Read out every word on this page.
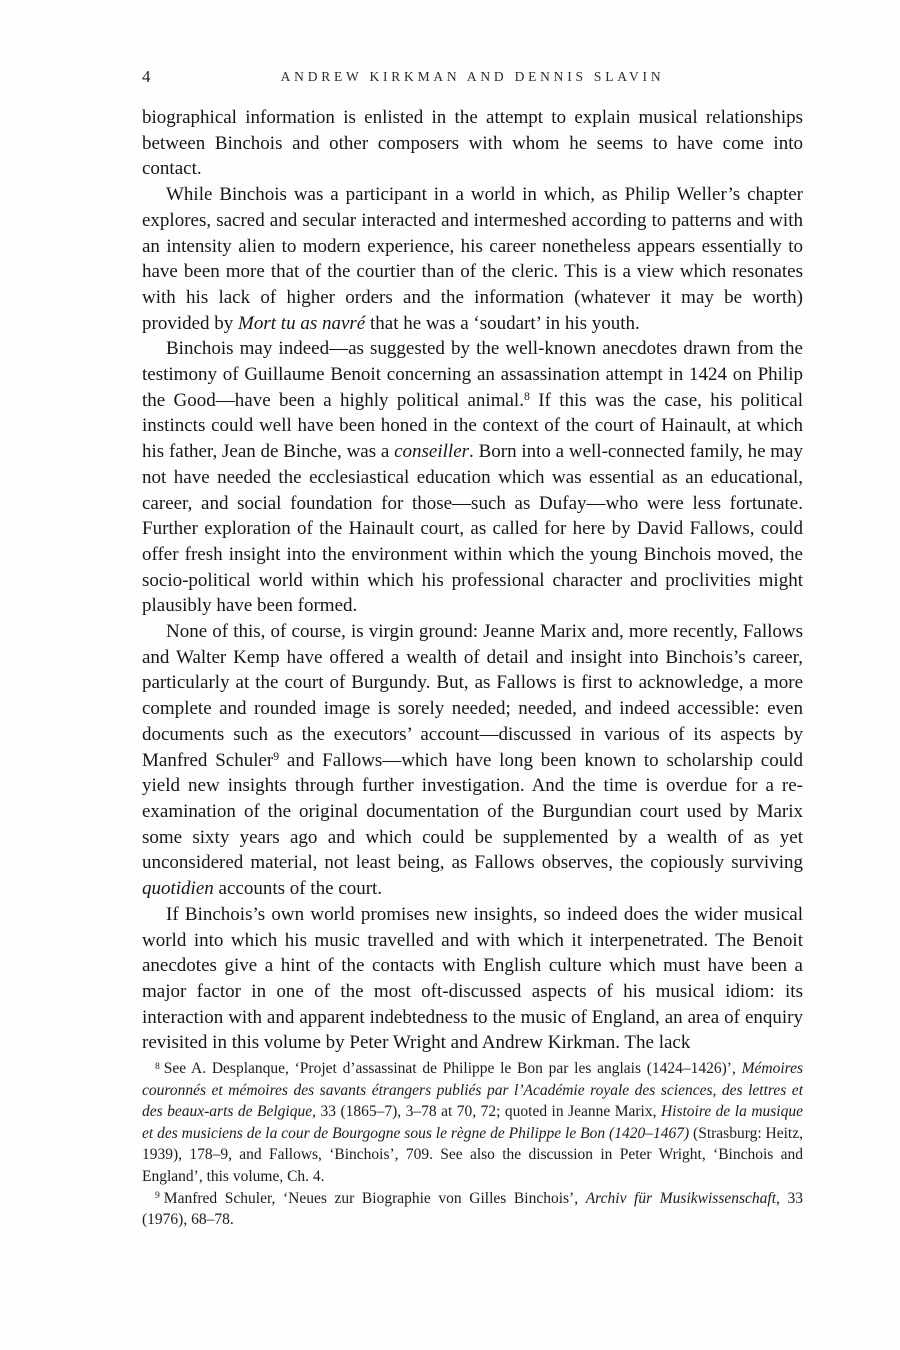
4	ANDREW KIRKMAN AND DENNIS SLAVIN

biographical information is enlisted in the attempt to explain musical relationships between Binchois and other composers with whom he seems to have come into contact.

While Binchois was a participant in a world in which, as Philip Weller’s chapter explores, sacred and secular interacted and intermeshed according to patterns and with an intensity alien to modern experience, his career nonetheless appears essentially to have been more that of the courtier than of the cleric. This is a view which resonates with his lack of higher orders and the information (whatever it may be worth) provided by Mort tu as navré that he was a ‘soudart’ in his youth.

Binchois may indeed—as suggested by the well-known anecdotes drawn from the testimony of Guillaume Benoit concerning an assassination attempt in 1424 on Philip the Good—have been a highly political animal.$^8$ If this was the case, his political instincts could well have been honed in the context of the court of Hainault, at which his father, Jean de Binche, was a conseiller. Born into a well-connected family, he may not have needed the ecclesiastical education which was essential as an educational, career, and social foundation for those—such as Dufay—who were less fortunate. Further exploration of the Hainault court, as called for here by David Fallows, could offer fresh insight into the environment within which the young Binchois moved, the socio-political world within which his professional character and proclivities might plausibly have been formed.

None of this, of course, is virgin ground: Jeanne Marix and, more recently, Fallows and Walter Kemp have offered a wealth of detail and insight into Binchois’s career, particularly at the court of Burgundy. But, as Fallows is first to acknowledge, a more complete and rounded image is sorely needed; needed, and indeed accessible: even documents such as the executors’ account—discussed in various of its aspects by Manfred Schuler$^9$ and Fallows—which have long been known to scholarship could yield new insights through further investigation. And the time is overdue for a re-examination of the original documentation of the Burgundian court used by Marix some sixty years ago and which could be supplemented by a wealth of as yet unconsidered material, not least being, as Fallows observes, the copiously surviving quotidien accounts of the court.

If Binchois’s own world promises new insights, so indeed does the wider musical world into which his music travelled and with which it interpenetrated. The Benoit anecdotes give a hint of the contacts with English culture which must have been a major factor in one of the most oft-discussed aspects of his musical idiom: its interaction with and apparent indebtedness to the music of England, an area of enquiry revisited in this volume by Peter Wright and Andrew Kirkman. The lack

$^8$ See A. Desplanque, ‘Projet d’assassinat de Philippe le Bon par les anglais (1424–1426)’, Mémoires couronnés et mémoires des savants étrangers publiés par l’Académie royale des sciences, des lettres et des beaux-arts de Belgique, 33 (1865–7), 3–78 at 70, 72; quoted in Jeanne Marix, Histoire de la musique et des musiciens de la cour de Bourgogne sous le règne de Philippe le Bon (1420–1467) (Strasburg: Heitz, 1939), 178–9, and Fallows, ‘Binchois’, 709. See also the discussion in Peter Wright, ‘Binchois and England’, this volume, Ch. 4.

$^9$ Manfred Schuler, ‘Neues zur Biographie von Gilles Binchois’, Archiv für Musikwissenschaft, 33 (1976), 68–78.
